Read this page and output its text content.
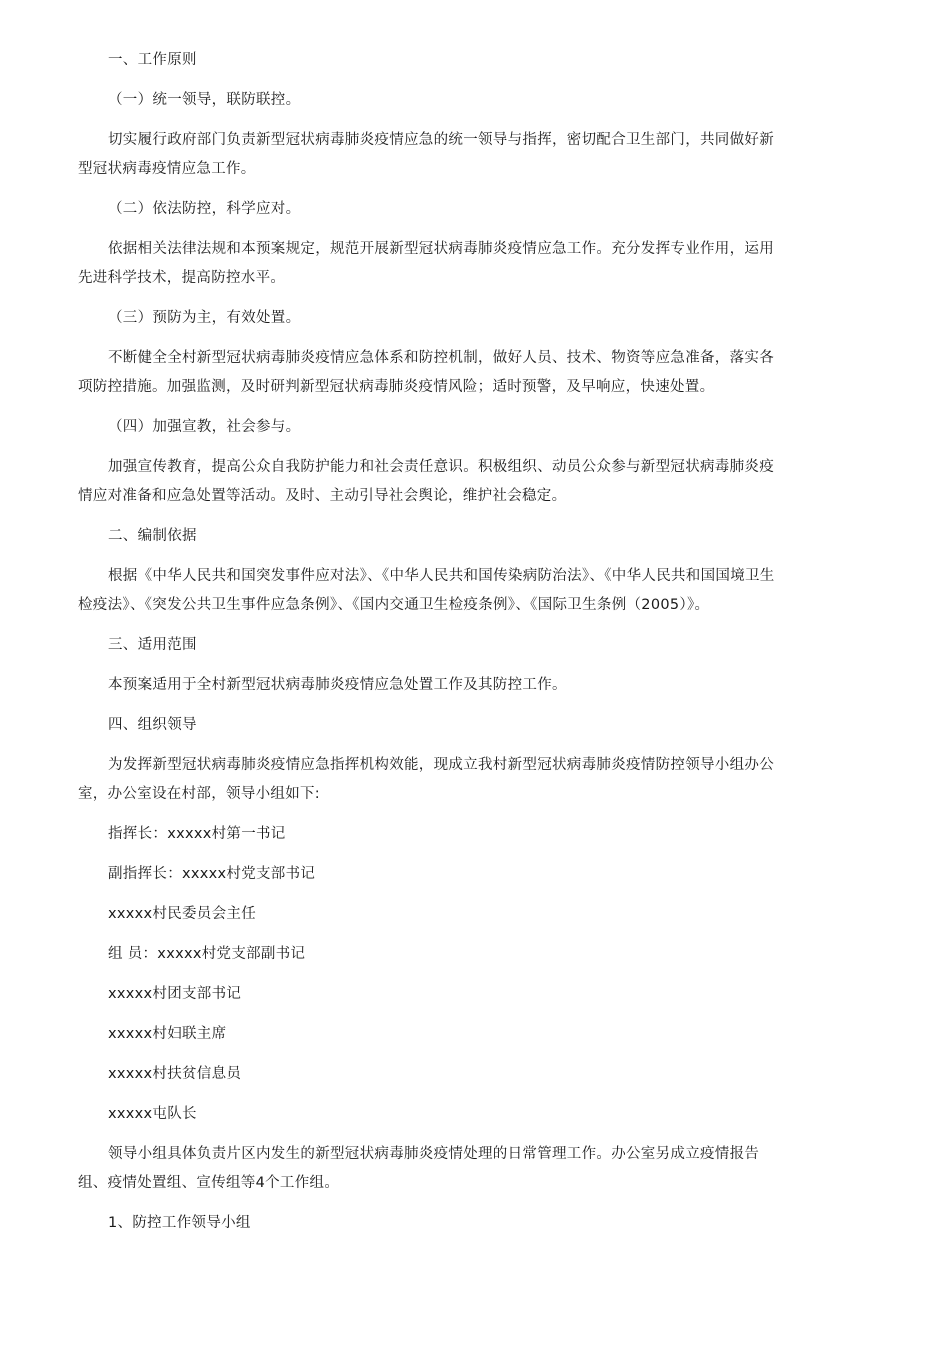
一、工作原则

（一）统一领导，联防联控。

切实履行政府部门负责新型冠状病毒肺炎疫情应急的统一领导与指挥，密切配合卫生部门，共同做好新型冠状病毒疫情应急工作。

（二）依法防控，科学应对。

依据相关法律法规和本预案规定，规范开展新型冠状病毒肺炎疫情应急工作。充分发挥专业作用，运用先进科学技术，提高防控水平。

（三）预防为主，有效处置。

不断健全全村新型冠状病毒肺炎疫情应急体系和防控机制，做好人员、技术、物资等应急准备，落实各项防控措施。加强监测，及时研判新型冠状病毒肺炎疫情风险；适时预警，及早响应，快速处置。

（四）加强宣教，社会参与。

加强宣传教育，提高公众自我防护能力和社会责任意识。积极组织、动员公众参与新型冠状病毒肺炎疫情应对准备和应急处置等活动。及时、主动引导社会舆论，维护社会稳定。

二、编制依据

根据《中华人民共和国突发事件应对法》、《中华人民共和国传染病防治法》、《中华人民共和国国境卫生检疫法》、《突发公共卫生事件应急条例》、《国内交通卫生检疫条例》、《国际卫生条例（2005）》。

三、适用范围

本预案适用于全村新型冠状病毒肺炎疫情应急处置工作及其防控工作。

四、组织领导

为发挥新型冠状病毒肺炎疫情应急指挥机构效能，现成立我村新型冠状病毒肺炎疫情防控领导小组办公室，办公室设在村部，领导小组如下:

指挥长：xxxxx村第一书记

副指挥长：xxxxx村党支部书记

xxxxx村民委员会主任

组 员：xxxxx村党支部副书记

xxxxx村团支部书记

xxxxx村妇联主席

xxxxx村扶贫信息员

xxxxx屯队长

领导小组具体负责片区内发生的新型冠状病毒肺炎疫情处理的日常管理工作。办公室另成立疫情报告组、疫情处置组、宣传组等4个工作组。

1、防控工作领导小组
